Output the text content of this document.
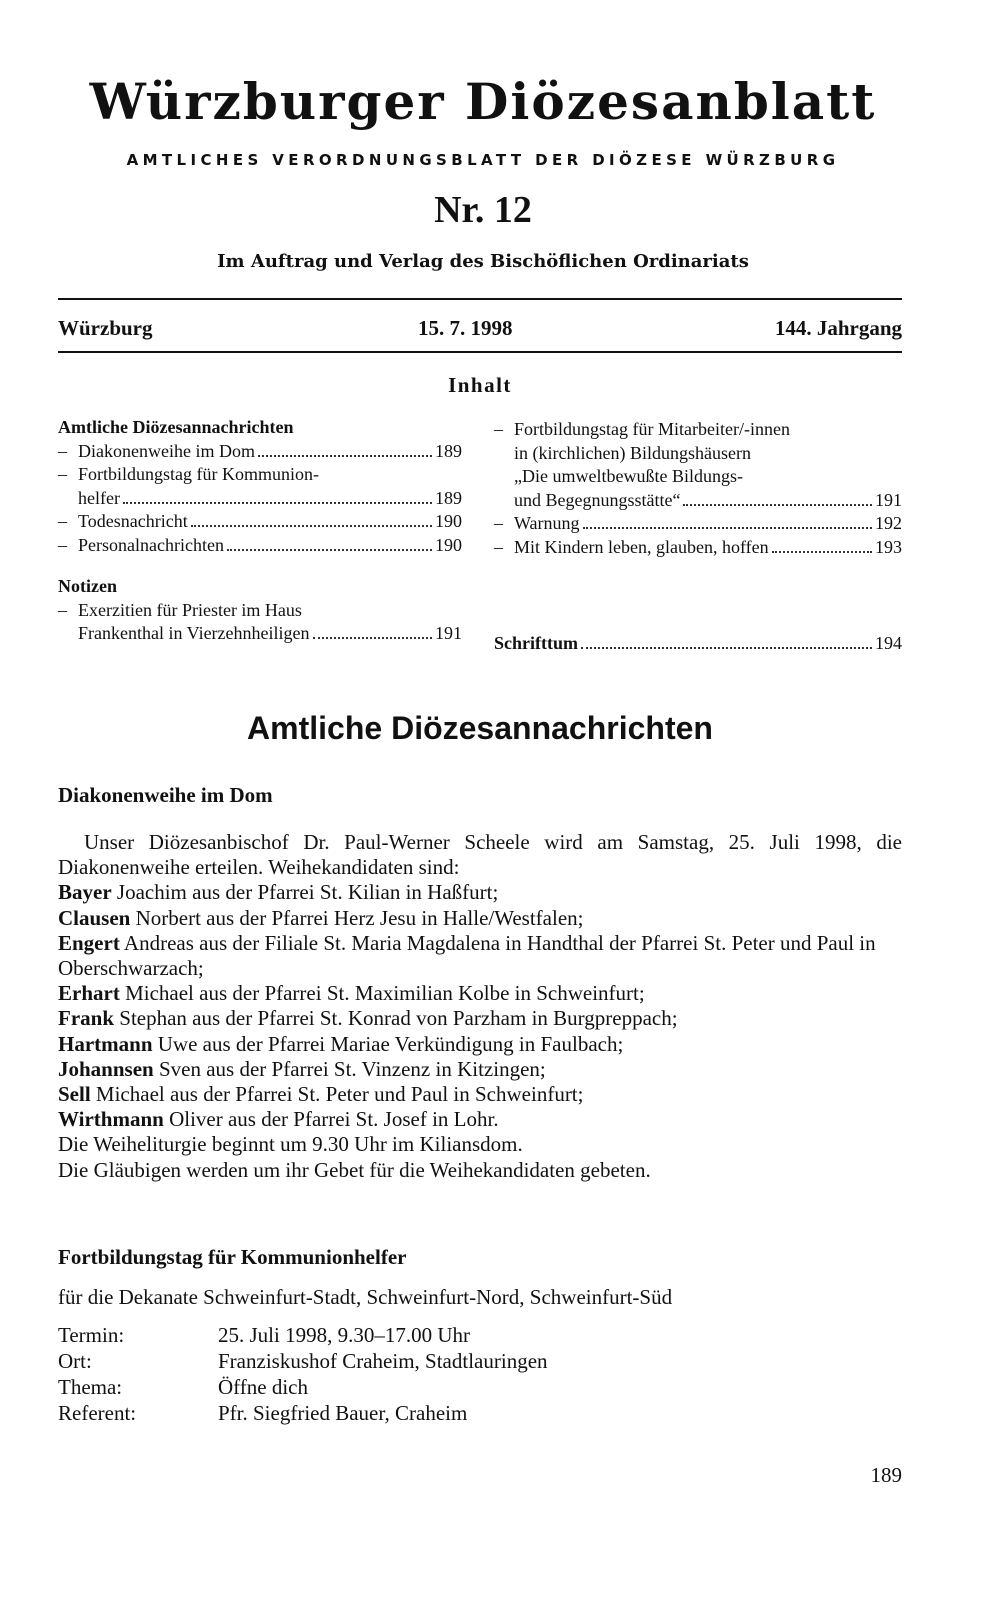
Würzburger Diözesanblatt
AMTLICHES VERORDNUNGSBLATT DER DIÖZESE WÜRZBURG
Nr. 12
Im Auftrag und Verlag des Bischöflichen Ordinariats
Würzburg	15. 7. 1998	144. Jahrgang
Inhalt
Amtliche Diözesannachrichten
– Diakonenweihe im Dom	189
– Fortbildungstag für Kommunion-
helfer	189
– Todesnachricht	190
– Personalnachrichten	190
Notizen
– Exerzitien für Priester im Haus
Frankenthal in Vierzehnheiligen	191
– Fortbildungstag für Mitarbeiter/-innen
in (kirchlichen) Bildungshäusern
„Die umweltbewußte Bildungs-
und Begegnungsstätte“	191
– Warnung	192
– Mit Kindern leben, glauben, hoffen	193
Schrifttum	194
Amtliche Diözesannachrichten
Diakonenweihe im Dom

Unser Diözesanbischof Dr. Paul-Werner Scheele wird am Samstag, 25. Juli 1998, die Diakonenweihe erteilen. Weihekandidaten sind:

Bayer Joachim aus der Pfarrei St. Kilian in Haßfurt;

Clausen Norbert aus der Pfarrei Herz Jesu in Halle/Westfalen;

Engert Andreas aus der Filiale St. Maria Magdalena in Handthal der Pfarrei St. Peter und Paul in Oberschwarzach;

Erhart Michael aus der Pfarrei St. Maximilian Kolbe in Schweinfurt;

Frank Stephan aus der Pfarrei St. Konrad von Parzham in Burgpreppach;

Hartmann Uwe aus der Pfarrei Mariae Verkündigung in Faulbach;

Johannsen Sven aus der Pfarrei St. Vinzenz in Kitzingen;

Sell Michael aus der Pfarrei St. Peter und Paul in Schweinfurt;

Wirthmann Oliver aus der Pfarrei St. Josef in Lohr.

Die Weiheliturgie beginnt um 9.30 Uhr im Kiliansdom.

Die Gläubigen werden um ihr Gebet für die Weihekandidaten gebeten.

Fortbildungstag für Kommunionhelfer

für die Dekanate Schweinfurt-Stadt, Schweinfurt-Nord, Schweinfurt-Süd

Termin:	25. Juli 1998, 9.30–17.00 Uhr
Ort:	Franziskushof Craheim, Stadtlauringen
Thema:	Öffne dich
Referent:	Pfr. Siegfried Bauer, Craheim
189
